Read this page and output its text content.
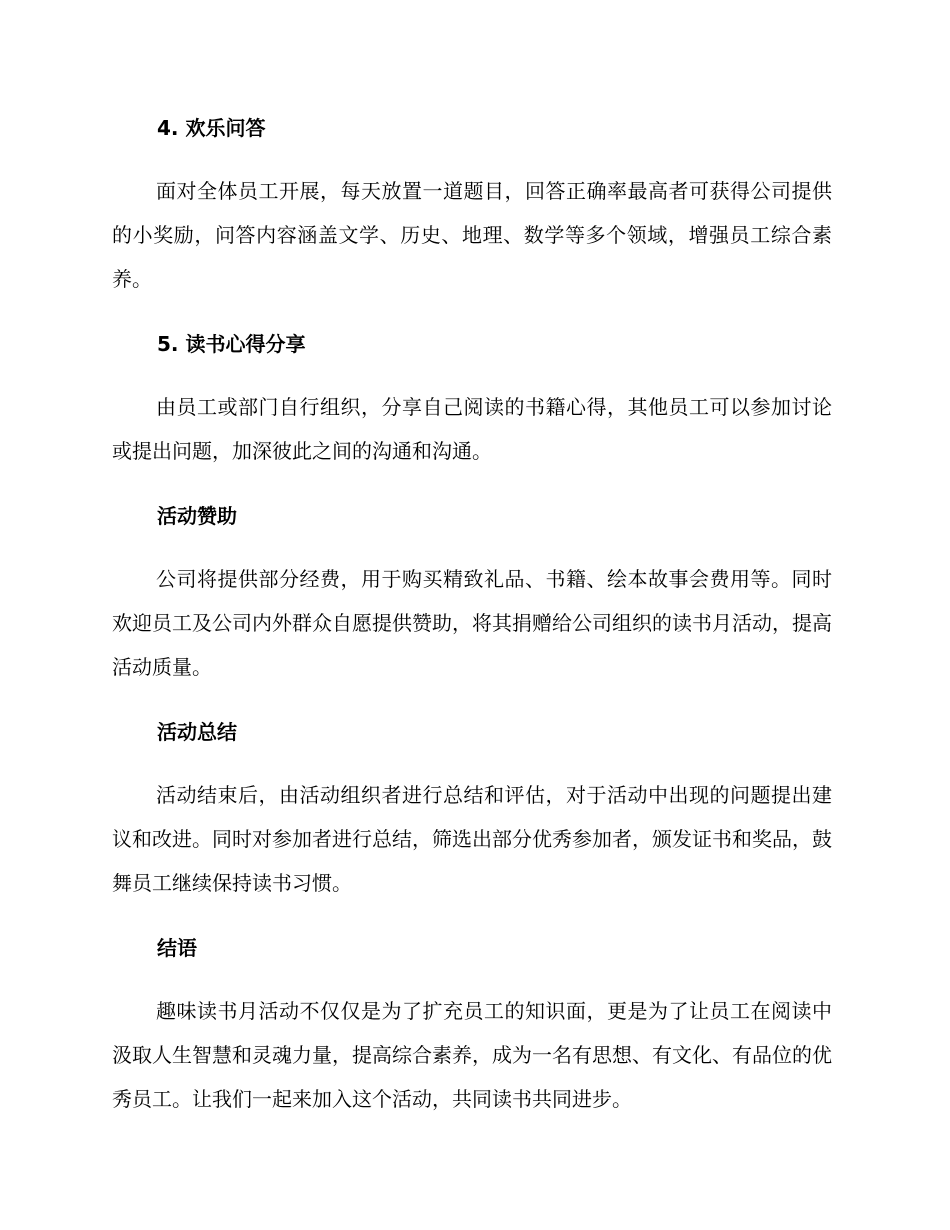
4. 欢乐问答

面对全体员工开展，每天放置一道题目，回答正确率最高者可获得公司提供的小奖励，问答内容涵盖文学、历史、地理、数学等多个领域，增强员工综合素养。

5. 读书心得分享

由员工或部门自行组织，分享自己阅读的书籍心得，其他员工可以参加讨论或提出问题，加深彼此之间的沟通和沟通。

活动赞助

公司将提供部分经费，用于购买精致礼品、书籍、绘本故事会费用等。同时欢迎员工及公司内外群众自愿提供赞助，将其捐赠给公司组织的读书月活动，提高活动质量。

活动总结

活动结束后，由活动组织者进行总结和评估，对于活动中出现的问题提出建议和改进。同时对参加者进行总结，筛选出部分优秀参加者，颁发证书和奖品，鼓舞员工继续保持读书习惯。

结语

趣味读书月活动不仅仅是为了扩充员工的知识面，更是为了让员工在阅读中汲取人生智慧和灵魂力量，提高综合素养，成为一名有思想、有文化、有品位的优秀员工。让我们一起来加入这个活动，共同读书共同进步。
